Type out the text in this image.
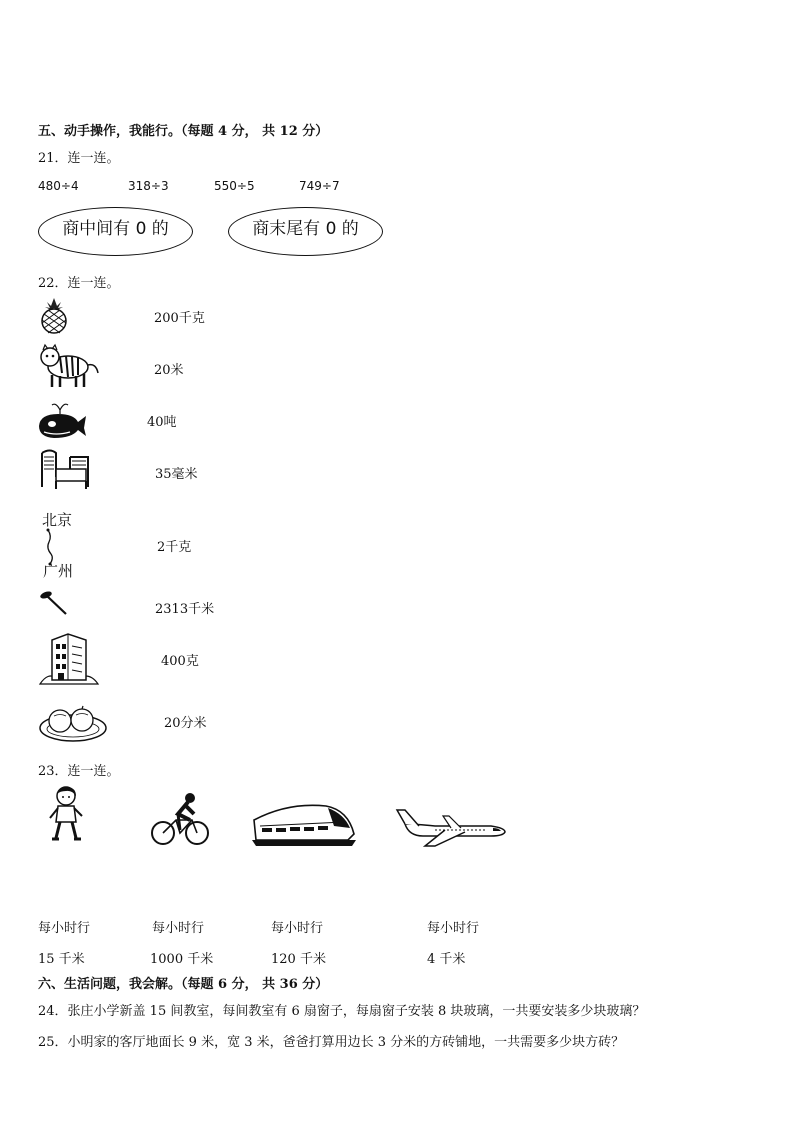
五、动手操作，我能行。（每题 4 分， 共 12 分）
21．连一连。
480÷4	318÷3	550÷5	749÷7
商中间有 0 的	商末尾有 0 的
22．连一连。
200千克
20米
40吨
35毫米
北京
广州
2千克
2313千米
400克
20分米
23．连一连。
每小时行
15 千米
每小时行
1000 千米
每小时行
120 千米
每小时行
4 千米
六、生活问题，我会解。（每题 6 分， 共 36 分）
24．张庄小学新盖 15 间教室，每间教室有 6 扇窗子，每扇窗子安装 8 块玻璃，一共要安装多少块玻璃？
25．小明家的客厅地面长 9 米，宽 3 米，爸爸打算用边长 3 分米的方砖铺地，一共需要多少块方砖？
